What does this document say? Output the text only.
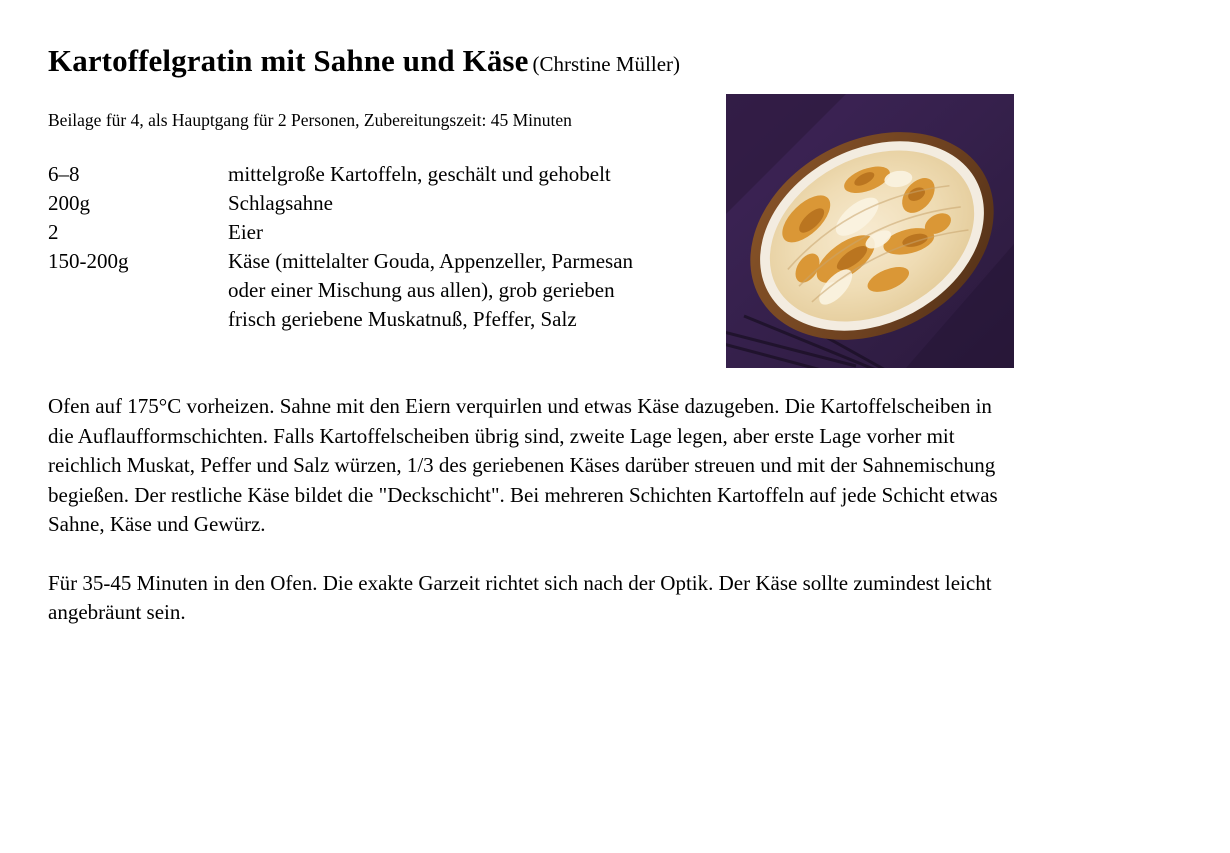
Kartoffelgratin mit Sahne und Käse (Chrstine Müller)
Beilage für 4, als Hauptgang für 2 Personen, Zubereitungszeit: 45 Minuten
6–8	mittelgroße Kartoffeln, geschält und gehobelt
200g	Schlagsahne
2	Eier
150-200g	Käse (mittelalter Gouda, Appenzeller, Parmesan
oder einer Mischung aus allen), grob gerieben
frisch geriebene Muskatnuß, Pfeffer, Salz

Ofen auf 175°C vorheizen. Sahne mit den Eiern verquirlen und etwas Käse dazugeben. Die Kartoffelscheiben in die Auflaufformschichten. Falls Kartoffelscheiben übrig sind, zweite Lage legen, aber erste Lage vorher mit reichlich Muskat, Peffer und Salz würzen, 1/3 des geriebenen Käses darüber streuen und mit der Sahnemischung begießen. Der restliche Käse bildet die "Deckschicht". Bei mehreren Schichten Kartoffeln auf jede Schicht etwas Sahne, Käse und Gewürz.

Für 35-45 Minuten in den Ofen. Die exakte Garzeit richtet sich nach der Optik. Der Käse sollte zumindest leicht angebräunt sein.
